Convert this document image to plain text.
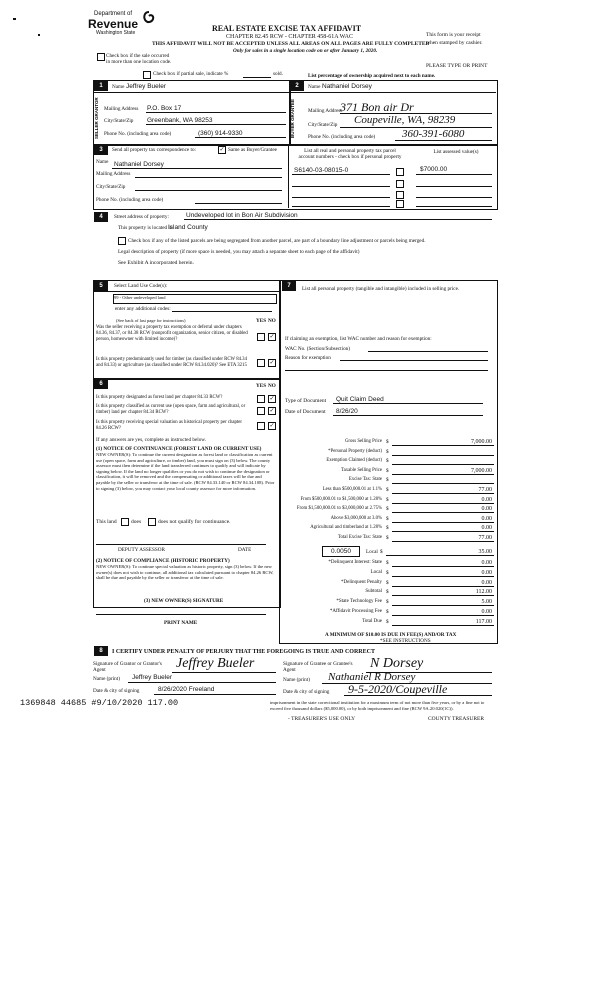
Department of
Revenue
Washington State	REAL ESTATE EXCISE TAX AFFIDAVIT
CHAPTER 82.45 RCW - CHAPTER 458-61A WAC
THIS AFFIDAVIT WILL NOT BE ACCEPTED UNLESS ALL AREAS ON ALL PAGES ARE FULLY COMPLETED
Only for sales in a single location code on or after January 1, 2020.
This form is your receipt
when stamped by cashier.
PLEASE TYPE OR PRINT
Check box if the sale occurred
in more than one location code.
Check box if partial sale, indicate %	sold.	List percentage of ownership acquired next to each name.
1	Name Jeffrey Bueler
SELLER GRANTOR Mailing Address P.O. Box 17
City/State/Zip Greenbank, WA 98253
Phone No. (including area code)	(360) 914-9330
2	Name Nathaniel Dorsey
BUYER GRANTEE	Mailing Address
371 Bon air Dr
City/State/Zip Coupeville, WA, 98239
Phone No. (including area code) 360-391-6080
3	Send all property tax correspondence to:	✓ Same as Buyer/Grantee
Name Nathaniel Dorsey
Mailing Address
City/State/Zip
Phone No. (including area code)
List all real and personal property tax parcel
account numbers - check box if personal property
List assessed value(s)
S6140-03-08015-0	$7000.00
4	Street address of property:	Undeveloped lot in Bon Air Subdivision
This property is located in
Island County
Check box if any of the listed parcels are being segregated from another parcel, are part of a boundary line adjustment or parcels being merged.
Legal description of property (if more space is needed, you may attach a separate sheet to each page of the affidavit)
See Exhibit A incorporated herein.
5	Select Land Use Code(s):
99 - Other undeveloped land
enter any additional codes:
(See back of last page for instructions)	YES NO
Was the seller receiving a property tax exemption or deferral under chapters 84.36, 84.37, or 84.38 RCW (nonprofit organization, senior citizen, or disabled person, homeowner with limited income)?	✓
Is this property predominantly used for timber (as classified under RCW 84.34 and 84.33) or agriculture (as classified under RCW 84.34.020)? See ETA 3215	✓
6	YES NO
Is this property designated as forest land per chapter 84.33 RCW?	✓
Is this property classified as current use (open space, farm and agricultural, or timber) land per chapter 84.34 RCW?	✓
Is this property receiving special valuation as historical property per chapter 84.26 RCW?	✓
If any answers are yes, complete as instructed below.
(1) NOTICE OF CONTINUANCE (FOREST LAND OR CURRENT USE)
NEW OWNER(S): To continue the current designation as forest land or classification as current use (open space, farm and agriculture, or timber) land, you must sign on (3) below. The county assessor must then determine if the land transferred continues to qualify and will indicate by signing below. If the land no longer qualifies or you do not wish to continue the designation or classification, it will be removed and the compensating or additional taxes will be due and payable by the seller or transferor at the time of sale. (RCW 84.33.140 or RCW 84.34.108). Prior to signing (3) below, you may contact your local county assessor for more information.
This land	does	does not qualify for continuance.
DEPUTY ASSESSOR	DATE
(2) NOTICE OF COMPLIANCE (HISTORIC PROPERTY)
NEW OWNER(S): To continue special valuation as historic property, sign (3) below. If the new owner(s) does not wish to continue, all additional tax calculated pursuant to chapter 84.26 RCW, shall be due and payable by the seller or transferor at the time of sale.
(3) NEW OWNER(S) SIGNATURE
PRINT NAME
7	List all personal property (tangible and intangible) included in selling price.
If claiming an exemption, list WAC number and reason for exemption:
WAC No. (Section/Subsection)
Reason for exemption
Type of Document Quit Claim Deed
Date of Document 8/26/20
Gross Selling Price $	7,000.00
*Personal Property (deduct) $
Exemption Claimed (deduct) $
Taxable Selling Price $	7,000.00
Excise Tax: State $
Less than $500,000.01 at 1.1% $	77.00
From $500,000.01 to $1,500,000 at 1.28% $	0.00
From $1,500,000.01 to $3,000,000 at 2.75% $	0.00
Above $3,000,000 at 3.0% $	0.00
Agricultural and timberland at 1.28% $	0.00
Total Excise Tax: State $	77.00
0.0050	Local $	35.00
*Delinquent Interest: State $	0.00
Local $	0.00
*Delinquent Penalty $	0.00
Subtotal $	112.00
*State Technology Fee $	5.00
*Affidavit Processing Fee $	0.00
Total Due $	117.00
A MINIMUM OF $10.00 IS DUE IN FEE(S) AND/OR TAX
*SEE INSTRUCTIONS
8	I CERTIFY UNDER PENALTY OF PERJURY THAT THE FOREGOING IS TRUE AND CORRECT
Signature of Grantor or Grantor's Agent	Jeffrey Bueler	Signature of Grantee or Grantee's Agent	N Dorsey
Name (print) Jeffrey Bueler	Name (print) Nathaniel R Dorsey
Date & city of signing	8/26/2020 Freeland	Date & city of signing 9-5-2020/Coupeville
1369848 44685 #9/10/2020 117.00	imprisonment in the state correctional institution for a maximum term of not more than five years, or by a fine not to exceed five thousand dollars ($5,000.00), or by both imprisonment and fine (RCW 9A.20.020(1C)).
- TREASURER'S USE ONLY	COUNTY TREASURER
